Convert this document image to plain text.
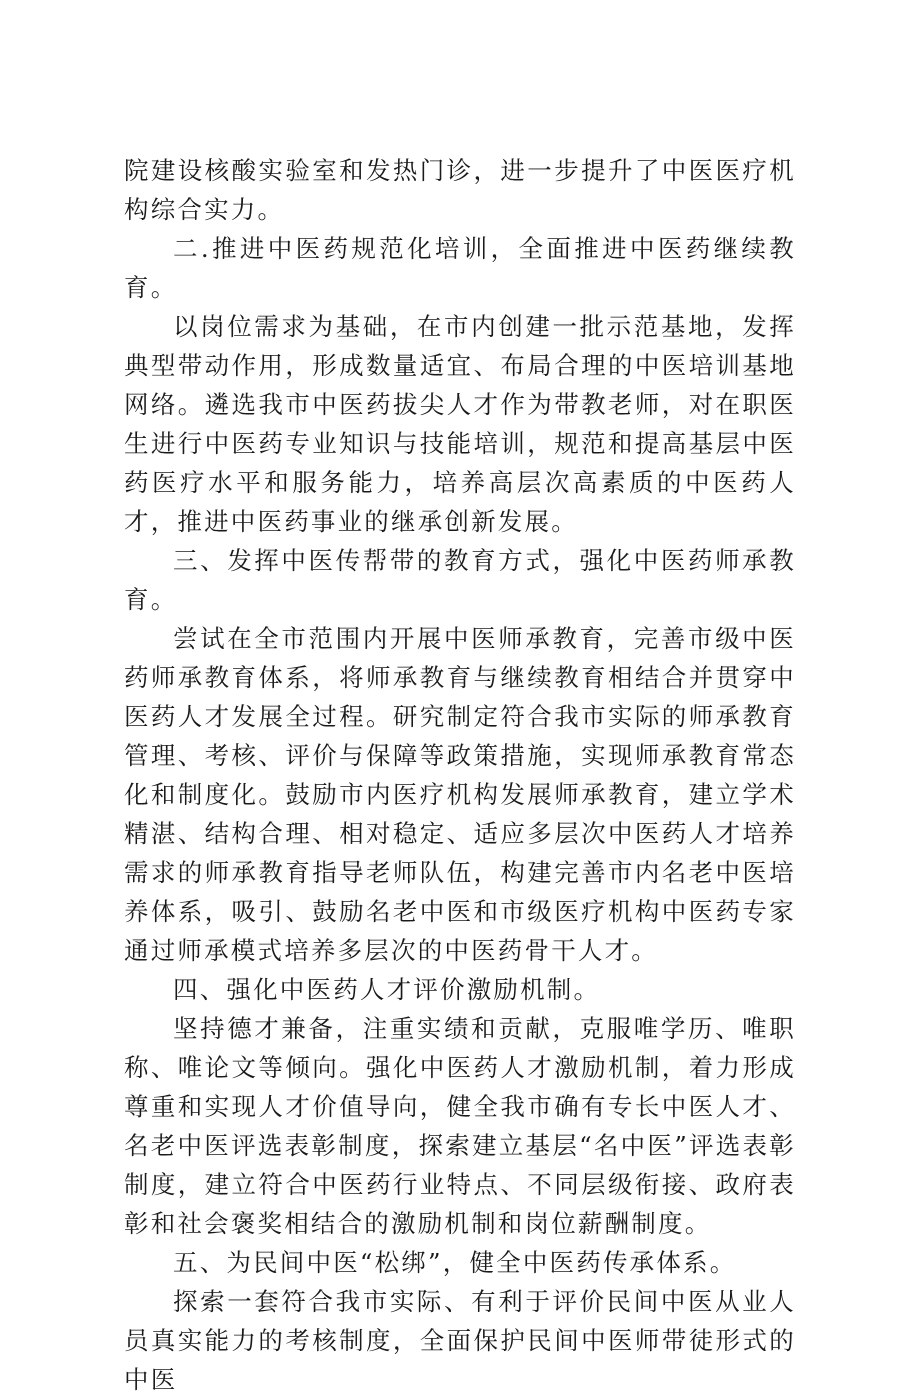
院建设核酸实验室和发热门诊，进一步提升了中医医疗机构综合实力。

二.推进中医药规范化培训，全面推进中医药继续教育。

以岗位需求为基础，在市内创建一批示范基地，发挥典型带动作用，形成数量适宜、布局合理的中医培训基地网络。遴选我市中医药拔尖人才作为带教老师，对在职医生进行中医药专业知识与技能培训，规范和提高基层中医药医疗水平和服务能力，培养高层次高素质的中医药人才，推进中医药事业的继承创新发展。

三、发挥中医传帮带的教育方式，强化中医药师承教育。

尝试在全市范围内开展中医师承教育，完善市级中医药师承教育体系，将师承教育与继续教育相结合并贯穿中医药人才发展全过程。研究制定符合我市实际的师承教育管理、考核、评价与保障等政策措施，实现师承教育常态化和制度化。鼓励市内医疗机构发展师承教育，建立学术精湛、结构合理、相对稳定、适应多层次中医药人才培养需求的师承教育指导老师队伍，构建完善市内名老中医培养体系，吸引、鼓励名老中医和市级医疗机构中医药专家通过师承模式培养多层次的中医药骨干人才。

四、强化中医药人才评价激励机制。

坚持德才兼备，注重实绩和贡献，克服唯学历、唯职称、唯论文等倾向。强化中医药人才激励机制，着力形成尊重和实现人才价值导向，健全我市确有专长中医人才、名老中医评选表彰制度，探索建立基层“名中医”评选表彰制度，建立符合中医药行业特点、不同层级衔接、政府表彰和社会褒奖相结合的激励机制和岗位薪酬制度。

五、为民间中医“松绑”，健全中医药传承体系。

探索一套符合我市实际、有利于评价民间中医从业人员真实能力的考核制度，全面保护民间中医师带徒形式的中医
